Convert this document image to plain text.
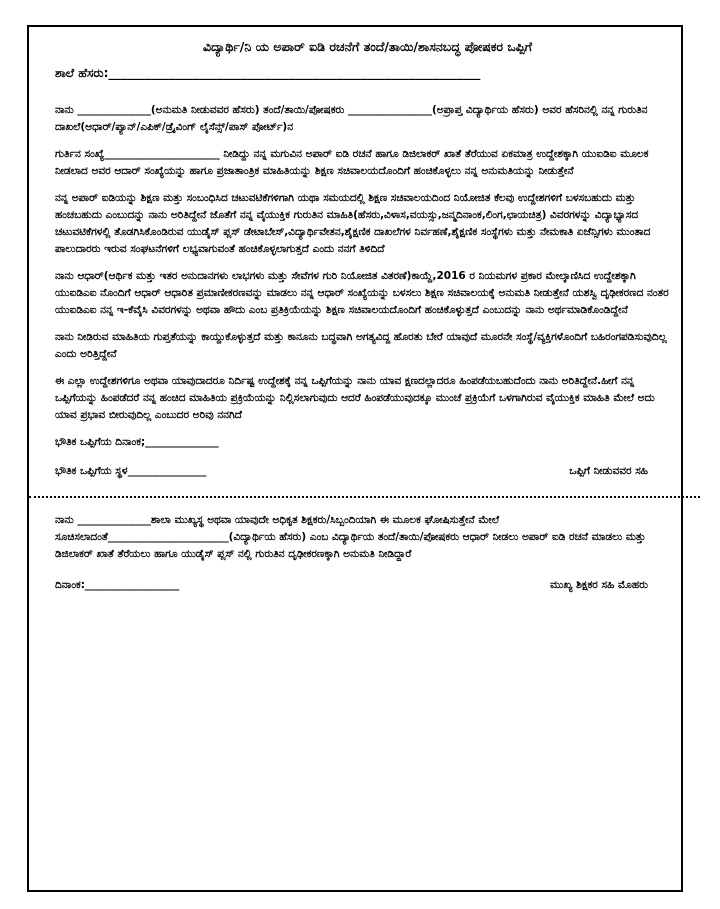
ವಿದ್ಯಾರ್ಥಿ/ನಿ ಯ ಅಪಾರ್ ಐಡಿ ರಚನೆಗೆ ತಂದೆ/ತಾಯಿ/ಶಾಸನಬದ್ಧ ಪೋಷಕರ ಒಪ್ಪಿಗೆ
ಶಾಲೆ ಹೆಸರು:______________________________________________________________

ನಾನು ______________(ಅನುಮತಿ ನೀಡುವವರ ಹೆಸರು) ತಂದೆ/ತಾಯಿ/ಪೋಷಕರು ________________(ಅಪ್ರಾಪ್ತ ವಿದ್ಯಾರ್ಥಿಯ ಹೆಸರು) ಅವರ ಹೆಸರಿನಲ್ಲಿ ನನ್ನ ಗುರುತಿನ ದಾಖಲೆ(ಆಧಾರ್/ಪ್ಯಾನ್/ಎಪಿಕ್/ಡ್ರೈವಿಂಗ್ ಲೈಸೆನ್ಸ್/ಪಾಸ್ ಪೋರ್ಟ್)ನ

ಗುರ್ತಿನ ಸಂಖ್ಯೆ______________________ ನೀಡಿದ್ದು ನನ್ನ ಮಗುವಿನ ಅಪಾರ್ ಐಡಿ ರಚನೆ ಹಾಗೂ ಡಿಜಿಲಾಕರ್ ಖಾತೆ ತೆರೆಯುವ ಏಕಮಾತ್ರ ಉದ್ದೇಶಕ್ಕಾಗಿ ಯುಐಡಿಐ ಮೂಲಕ ನೀಡಲಾದ ಅವರ ಆದಾರ್ ಸಂಖ್ಯೆಯನ್ನು ಹಾಗೂ ಪ್ರಜಾತಾಂತ್ರಿಕ ಮಾಹಿತಿಯನ್ನು ಶಿಕ್ಷಣ ಸಚಿವಾಲಯದೊಂದಿಗೆ ಹಂಚಿಕೊಳ್ಳಲು ನನ್ನ ಅನುಮತಿಯನ್ನು ನೀಡುತ್ತೇನೆ

ನನ್ನ ಅಪಾರ್ ಐಡಿಯನ್ನು ಶಿಕ್ಷಣ ಮತ್ತು ಸಂಬಂಧಿಸಿದ ಚಟುವಟಿಕೆಗಳಿಗಾಗಿ ಯಥಾ ಸಮಯದಲ್ಲಿ ಶಿಕ್ಷಣ ಸಚಿವಾಲಯದಿಂದ ನಿಯೋಜಿತ ಕೆಲವು ಉದ್ದೇಶಗಳಿಗೆ ಬಳಸಬಹುದು ಮತ್ತು ಹಂಚಬಹುದು ಎಂಬುದನ್ನು ನಾನು ಅರಿತಿದ್ದೇನೆ ಜೊತೆಗೆ ನನ್ನ ವೈಯುಕ್ತಿಕ ಗುರುತಿನ ಮಾಹಿತಿ(ಹೆಸರು,ವಿಳಾಸ,ವಯಸ್ಸು,ಜನ್ಮದಿನಾಂಕ,ಲಿಂಗ,ಛಾಯಚಿತ್ರ) ವಿವರಗಳನ್ನು ವಿದ್ಯಾಭ್ಯಾಸದ ಚಟುವಟಿಕೆಗಳಲ್ಲಿ ತೊಡಗಿಸಿಕೊಂಡಿರುವ ಯುಡೈಸ್ ಪ್ಲಸ್ ಡೇಟಾಬೇಸ್,ವಿದ್ಯಾರ್ಥಿವೇತನ,ಶೈಕ್ಷಣಿಕ ದಾಖಲೆಗಳ ನಿರ್ವಹಣೆ,ಶೈಕ್ಷಣಿಕ ಸಂಸ್ಥೆಗಳು ಮತ್ತು ನೇಮಕಾತಿ ಏಜೆನ್ಸಿಗಳು ಮುಂತಾದ ಪಾಲುದಾರರು ಇರುವ ಸಂಘಟನೆಗಳಿಗೆ ಲಭ್ಯವಾಗುವಂತೆ ಹಂಚಿಕೊಳ್ಳಲಾಗುತ್ತದೆ ಎಂದು ನನಗೆ ತಿಳಿದಿದೆ

ನಾನು ಆಧಾರ್(ಆರ್ಥಿಕ ಮತ್ತು ಇತರ ಅನುದಾನಗಳು ಲಾಭಗಳು ಮತ್ತು ಸೇವೆಗಳ ಗುರಿ ನಿಯೋಜಿತ ವಿತರಣೆ)ಕಾಯ್ದೆ,2016 ರ ನಿಯಮಗಳ ಪ್ರಕಾರ ಮೇಲ್ಕಾಣಿಸಿದ ಉದ್ದೇಶಕ್ಕಾಗಿ ಯುಐಡಿಎಐ ನೊಂದಿಗೆ ಆಧಾರ್ ಆಧಾರಿತ ಪ್ರಮಾಣೀಕರಣವನ್ನು ಮಾಡಲು ನನ್ನ ಆಧಾರ್ ಸಂಖ್ಯೆಯನ್ನು ಬಳಸಲು ಶಿಕ್ಷಣ ಸಚಿವಾಲಯಕ್ಕೆ ಅನುಮತಿ ನೀಡುತ್ತೇನೆ ಯಶಸ್ವಿ ದೃಢೀಕರಣದ ನಂತರ ಯುಐಡಿಎಐ ನನ್ನ ಇ-ಕೆವೈಸಿ ವಿವರಗಳನ್ನು ಅಥವಾ ಹೌದು ಎಂಬ ಪ್ರತಿಕ್ರಿಯೆಯನ್ನು ಶಿಕ್ಷಣ ಸಚಿವಾಲಯದೊಂದಿಗೆ ಹಂಚಿಕೊಳ್ಳುತ್ತದೆ ಎಂಬುದನ್ನು ನಾನು ಅರ್ಥಮಾಡಿಕೊಂಡಿದ್ದೇನೆ

ನಾನು ನೀಡಿರುವ ಮಾಹಿತಿಯ ಗುಪ್ತತೆಯನ್ನು ಕಾಯ್ದುಕೊಳ್ಳುತ್ತದೆ ಮತ್ತು ಕಾನೂನು ಬದ್ಧವಾಗಿ ಅಗತ್ಯವಿದ್ದ ಹೊರತು ಬೇರೆ ಯಾವುದೆ ಮೂರನೇ ಸಂಸ್ಥೆ/ವ್ಯಕ್ತಿಗಳೊಂದಿಗೆ ಬಹಿರಂಗಪಡಿಸುವುದಿಲ್ಲ ಎಂದು ಅರಿತ್ತಿದ್ದೇನೆ

ಈ ಎಲ್ಲಾ ಉದ್ದೇಶಗಳಿಗೂ ಅಥವಾ ಯಾವುದಾದರೂ ನಿರ್ದಿಷ್ಟ ಉದ್ದೇಶಕ್ಕೆ ನನ್ನ ಒಪ್ಪಿಗೆಯನ್ನು ನಾನು ಯಾವ ಕ್ಷಣದಲ್ಲಾದರೂ ಹಿಂಪಡೆಯಬಹುದೆಂದು ನಾನು ಅರಿತಿದ್ದೇನೆ.ಹೀಗೆ ನನ್ನ ಒಪ್ಪಿಗೆಯನ್ನು ಹಿಂಪಡೆದರೆ ನನ್ನ ಹಂಚಿದ ಮಾಹಿತಿಯ ಪ್ರಕ್ರಿಯೆಯನ್ನು ನಿಲ್ಲಿಸಲಾಗುವುದು ಆದರೆ ಹಿಂಪಡೆಯುವುದಕ್ಕೂ ಮುಂಚೆ ಪ್ರಕ್ರಿಯೆಗೆ ಒಳಗಾಗಿರುವ ವೈಯುಕ್ತಿಕ ಮಾಹಿತಿ ಮೇಲೆ ಅದು ಯಾವ ಪ್ರಭಾವ ಬೀರುವುದಿಲ್ಲ ಎಂಬುದರ ಅರಿವು ನನಗಿದೆ

ಭೌತಿಕ ಒಪ್ಪಿಗೆಯ ದಿನಾಂಕ;______________
ಭೌತಿಕ ಒಪ್ಪಿಗೆಯ ಸ್ಥಳ_______________	ಒಪ್ಪಿಗೆ ನೀಡುವವರ ಸಹಿ

ನಾನು ______________ಶಾಲಾ ಮುಖ್ಯಸ್ಥ ಅಥವಾ ಯಾವುದೇ ಅಧಿಕೃತ ಶಿಕ್ಷಕರು/ಸಿಬ್ಬಂದಿಯಾಗಿ ಈ ಮೂಲಕ ಘೋಷಿಸುತ್ತೇನೆ ಮೇಲೆ ಸೂಚಿಸಲಾದಂತೆ_______________________(ವಿದ್ಯಾರ್ಥಿಯ ಹೆಸರು) ಎಂಬ ವಿದ್ಯಾರ್ಥಿಯ ತಂದೆ/ತಾಯಿ/ಪೋಷಕರು ಆಧಾರ್ ನೀಡಲು ಅಪಾರ್ ಐಡಿ ರಚನೆ ಮಾಡಲು ಮತ್ತು ಡಿಜಿಲಾಕರ್ ಖಾತೆ ತೆರೆಯಲು ಹಾಗೂ ಯುಡೈಸ್ ಪ್ಲಸ್ ನಲ್ಲಿ ಗುರುತಿನ ದೃಢೀಕರಣಕ್ಕಾಗಿ ಅನುಮತಿ ನೀಡಿದ್ದಾರೆ

ದಿನಾಂಕ:__________________	ಮುಖ್ಯ ಶಿಕ್ಷಕರ ಸಹಿ ಮೊಹರು
